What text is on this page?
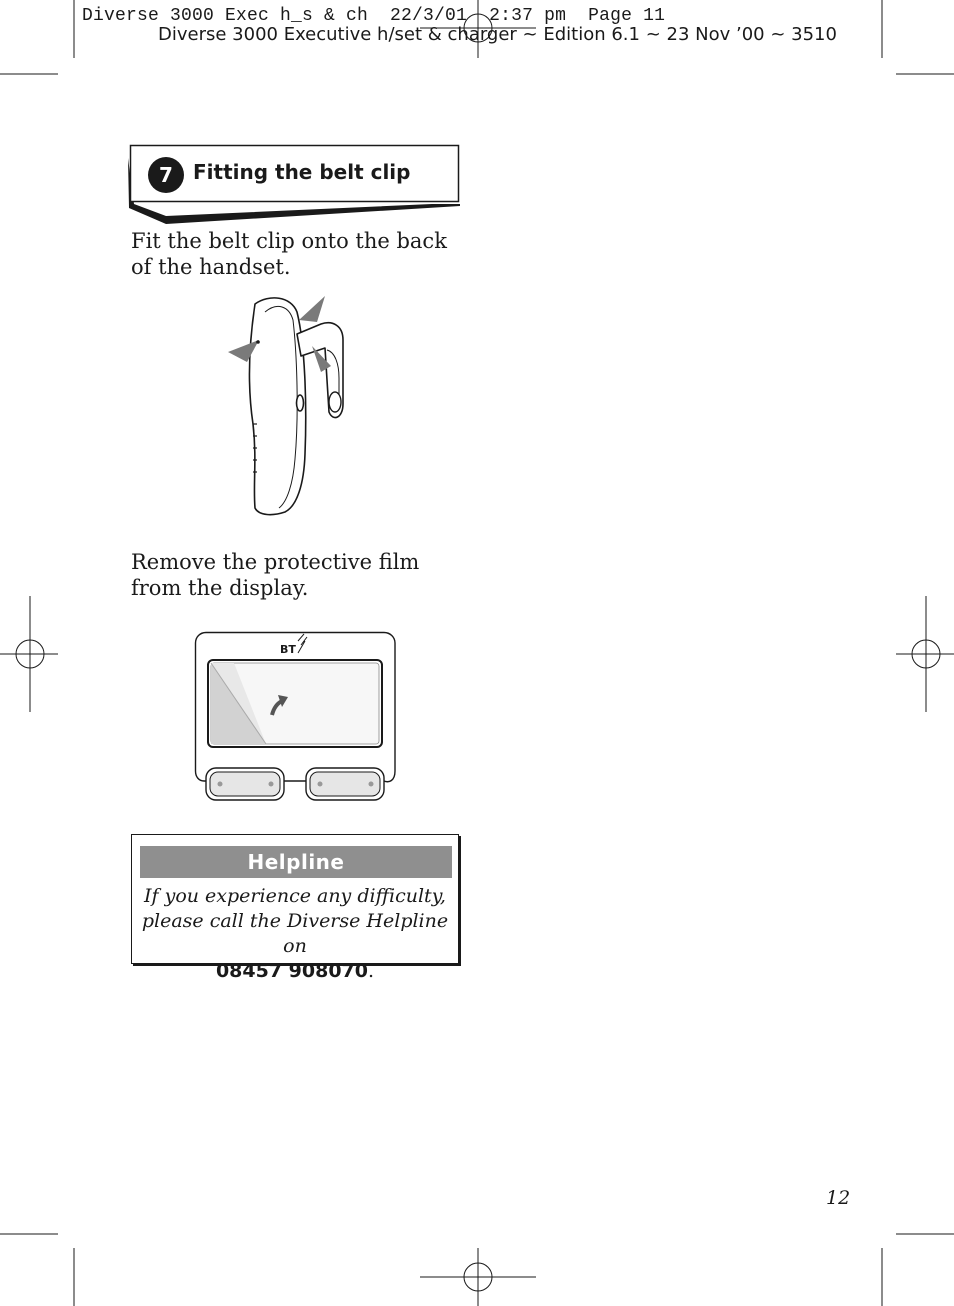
Diverse 3000 Exec h_s & ch  22/3/01  2:37 pm  Page 11
Diverse 3000 Executive h/set & charger ~ Edition 6.1 ~ 23 Nov ’00 ~ 3510
7	Fitting the belt clip
Fit the belt clip onto the back of the handset.
Remove the protective film from the display.
BT
Helpline
If you experience any difficulty,
please call the Diverse Helpline on
08457 908070.
12
